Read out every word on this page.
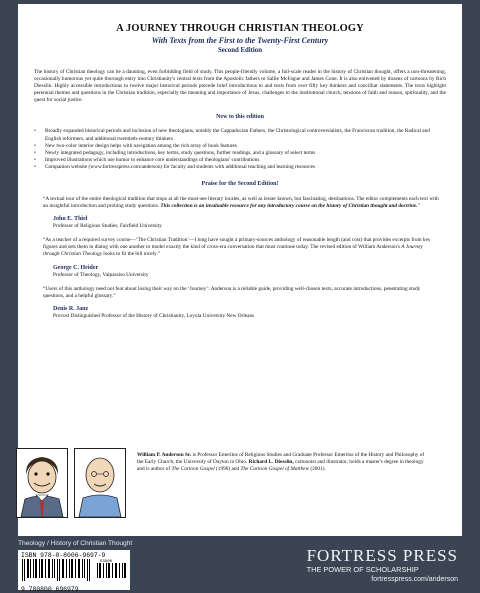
A JOURNEY THROUGH CHRISTIAN THEOLOGY
With Texts from the First to the Twenty-First Century
Second Edition

The history of Christian theology can be a daunting, even forbidding field of study. This people-friendly volume, a full-scale reader in the history of Christian thought, offers a non-threatening, occasionally humorous yet quite thorough entry into Christianity's central texts from the Apostolic fathers to Sallie McFague and James Cone. It is also enlivened by dozens of cartoons by Rich Diesslin. Highly accessible introductions to twelve major historical periods precede brief introductions to and texts from over fifty key thinkers and concilliar statements. The texts highlight perennial themes and questions in the Christian tradition, especially the meaning and importance of Jesus, challenges to the institutional church, tensions of faith and reason, spirituality, and the quest for social justice.

New to this edition
• Broadly expanded historical periods and inclusion of new theologians, notably the Cappadocian Fathers, the Christological controversialists, the Franciscan tradition, the Radical and English reformers, and additional twentieth-century thinkers
• New two-color interior design helps with navigation among the rich array of book features
• Newly integrated pedagogy, including introductions, key terms, study questions, further readings, and a glossary of select terms
• Improved illustrations which use humor to enhance core understandings of theologians' contributions
• Companion website (www.fortresspress.com/anderson) for faculty and students with additional teaching and learning resources
Praise for the Second Edition!

“A textual tour of the entire theological tradition that stops at all the must-see literary locales, as well as lesser known, but fascinating, destinations. The editor complements each text with an insightful introduction and probing study questions. This collection is an invaluable resource for any introductory course on the history of Christian thought and doctrine.”

John E. Thiel
Professor of Religious Studies, Fairfield University

“As a teacher of a required survey course—‘The Christian Tradition’—I long have sought a primary-sources anthology of reasonable length (and cost) that provides excerpts from key figures and sets them in dialog with one another to model exactly the kind of cross-era conversation that must continue today. The revised edition of William Anderson's A Journey through Christian Theology looks to fit the bill nicely.”

George C. Heider
Professor of Theology, Valparaiso University

“Users of this anthology need not fear about losing their way on the ‘Journey’: Anderson is a reliable guide, providing well-chosen texts, accurate introductions, penetrating study questions, and a helpful glossary.”

Denis R. Janz
Provost Distinguished Professor of the History of Christianity, Loyola University New Orleans
William P. Anderson Sr. is Professor Emeritus of Religious Studies and Graduate Professor Emeritus of the History and Philosophy of the Early Church, the University of Dayton in Ohio. Richard L. Diesslin, cartoonist and illustrator, holds a master's degree in theology and is author of The Cartoon Gospel (1990) and The Cartoon Gospel of Matthew (2001).
Theology / History of Christian Thought
ISBN 978-0-8006-9697-9
53900
9 780800 696979
FORTRESS PRESS
THE POWER OF SCHOLARSHIP
fortresspress.com/anderson
